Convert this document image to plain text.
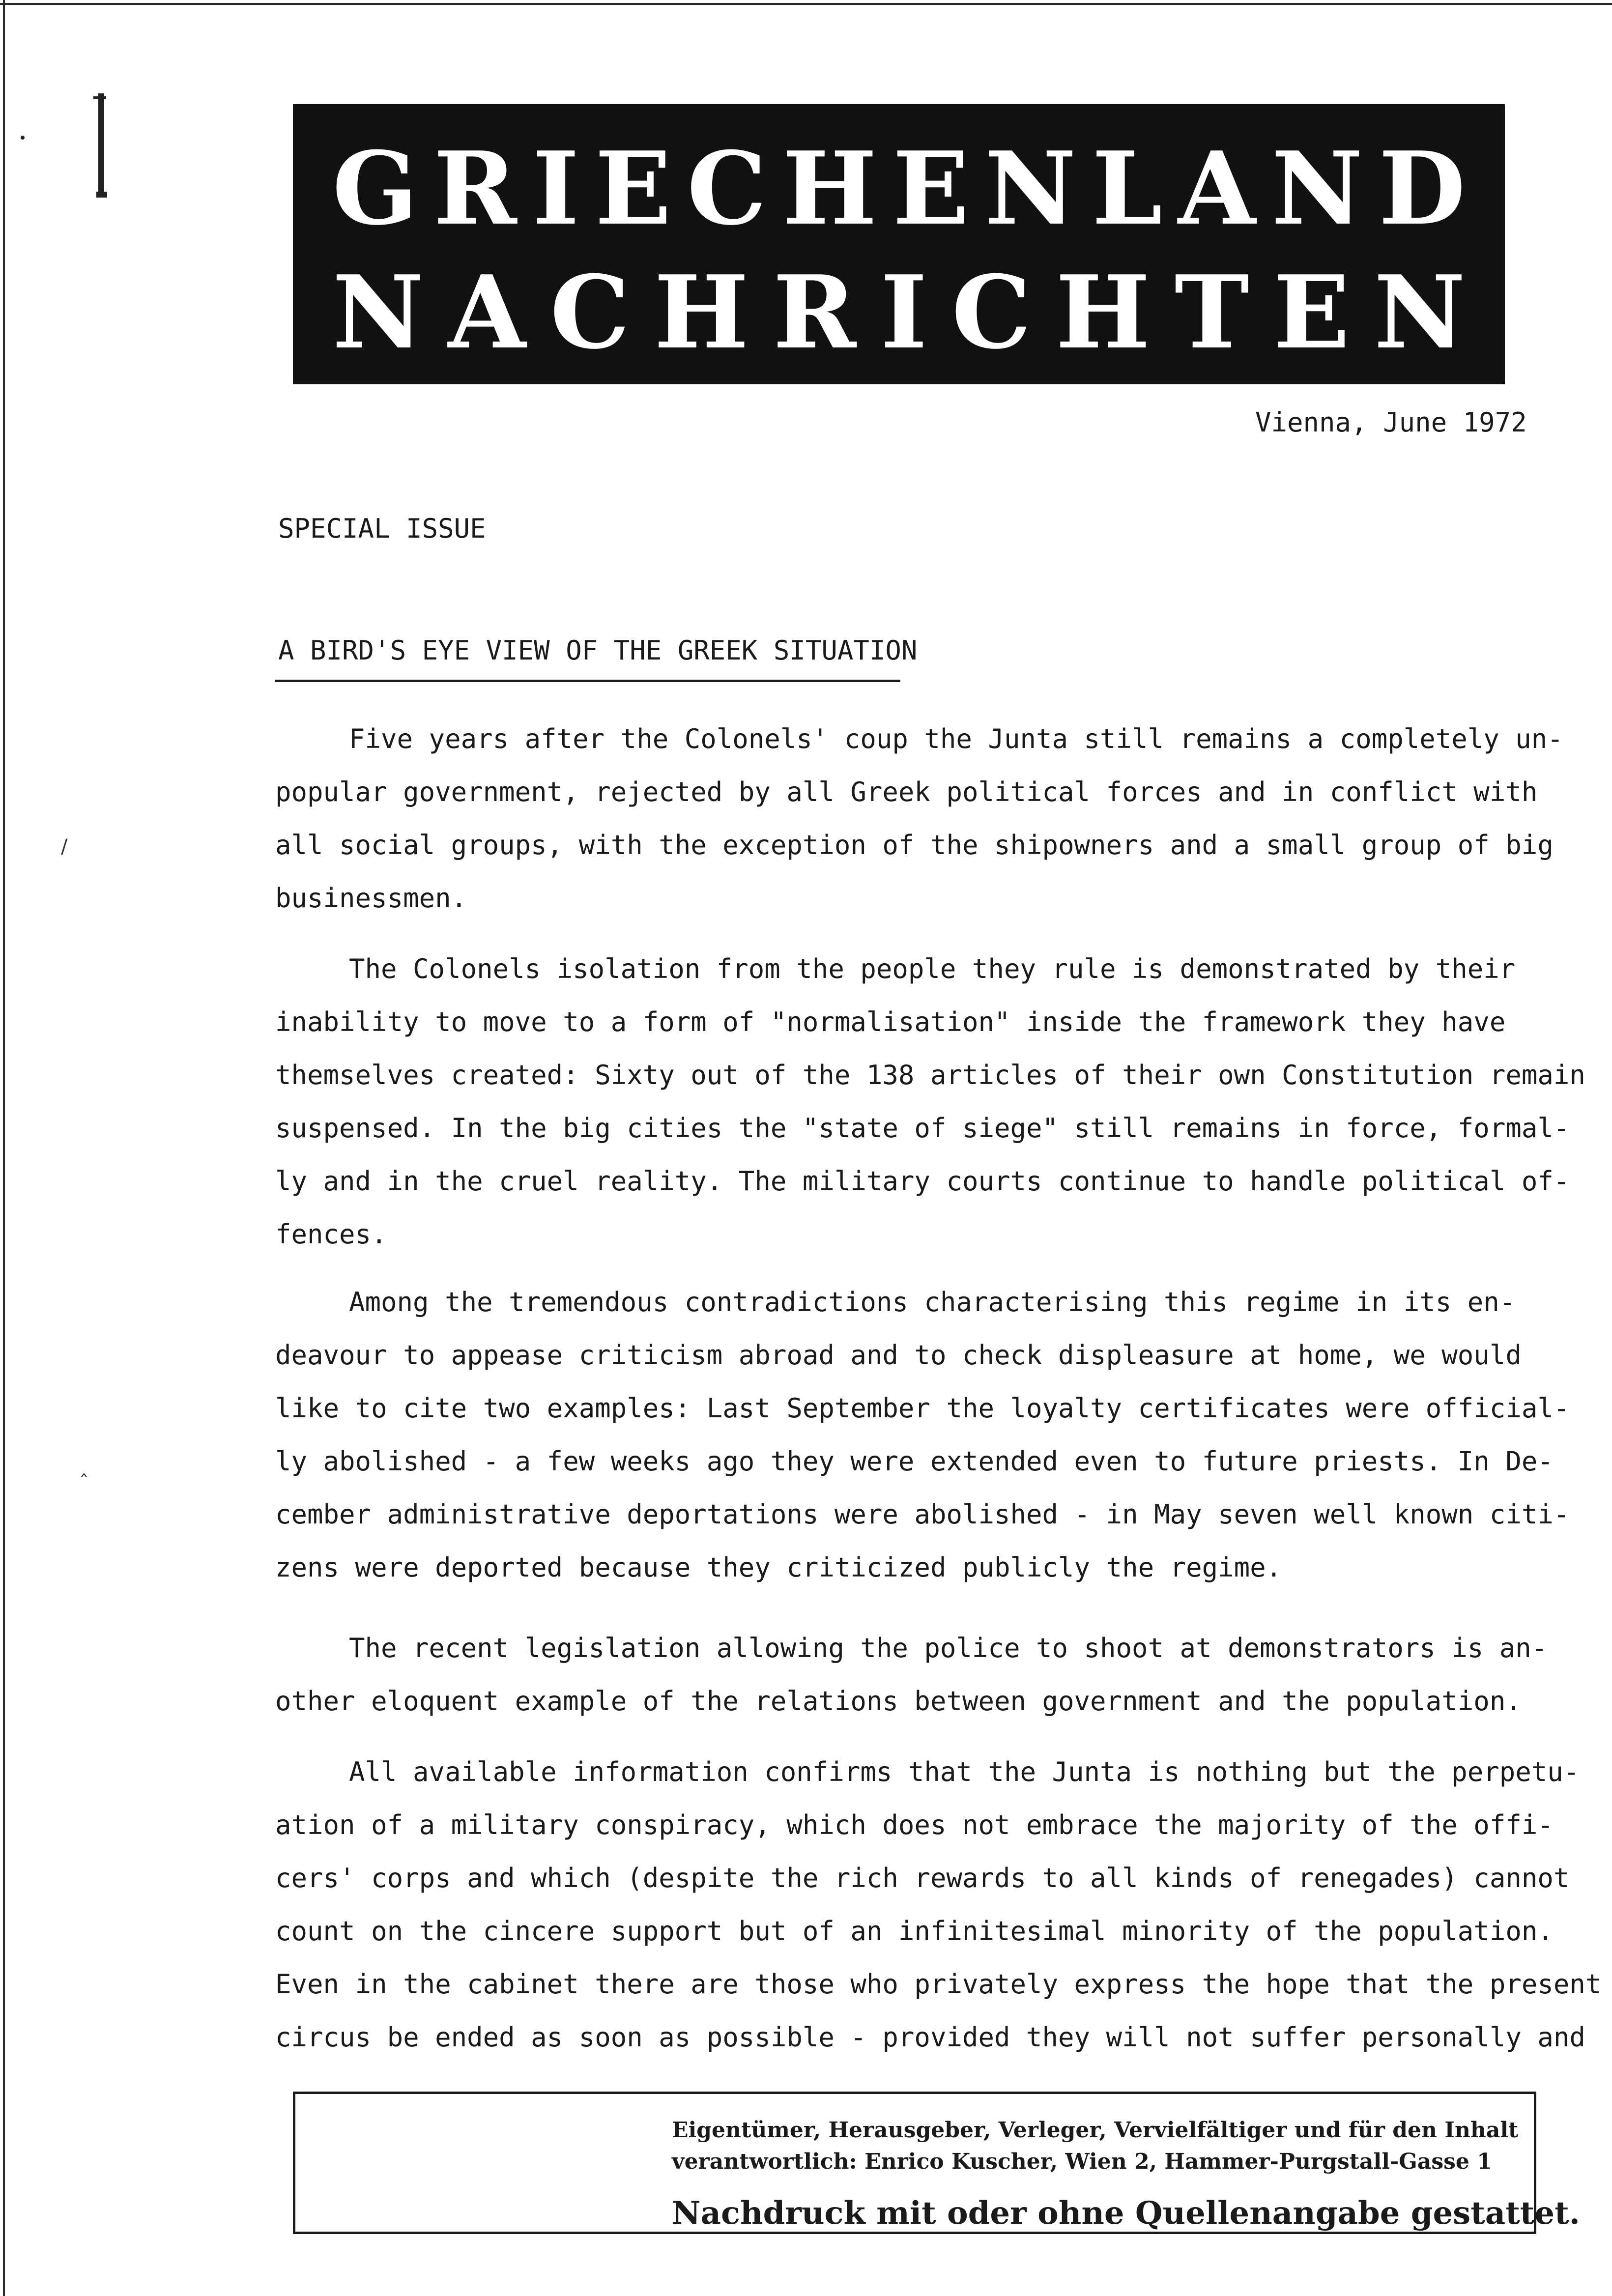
/
‸
G R I E C H E N L A N D
N A C H R I C H T E N
Vienna, June 1972
SPECIAL ISSUE
A BIRD'S EYE VIEW OF THE GREEK SITUATION
Five years after the Colonels' coup the Junta still remains a completely un-
popular government, rejected by all Greek political forces and in conflict with
all social groups, with the exception of the shipowners and a small group of big
businessmen.
The Colonels isolation from the people they rule is demonstrated by their
inability to move to a form of "normalisation" inside the framework they have
themselves created: Sixty out of the 138 articles of their own Constitution remain
suspensed. In the big cities the "state of siege" still remains in force, formal-
ly and in the cruel reality. The military courts continue to handle political of-
fences.
Among the tremendous contradictions characterising this regime in its en-
deavour to appease criticism abroad and to check displeasure at home, we would
like to cite two examples: Last September the loyalty certificates were official-
ly abolished - a few weeks ago they were extended even to future priests. In De-
cember administrative deportations were abolished - in May seven well known citi-
zens were deported because they criticized publicly the regime.
The recent legislation allowing the police to shoot at demonstrators is an-
other eloquent example of the relations between government and the population.
All available information confirms that the Junta is nothing but the perpetu-
ation of a military conspiracy, which does not embrace the majority of the offi-
cers' corps and which (despite the rich rewards to all kinds of renegades) cannot
count on the cincere support but of an infinitesimal minority of the population.
Even in the cabinet there are those who privately express the hope that the present
circus be ended as soon as possible - provided they will not suffer personally and
Eigentümer, Herausgeber, Verleger, Vervielfältiger und für den Inhalt
verantwortlich: Enrico Kuscher, Wien 2, Hammer-Purgstall-Gasse 1
Nachdruck mit oder ohne Quellenangabe gestattet.
